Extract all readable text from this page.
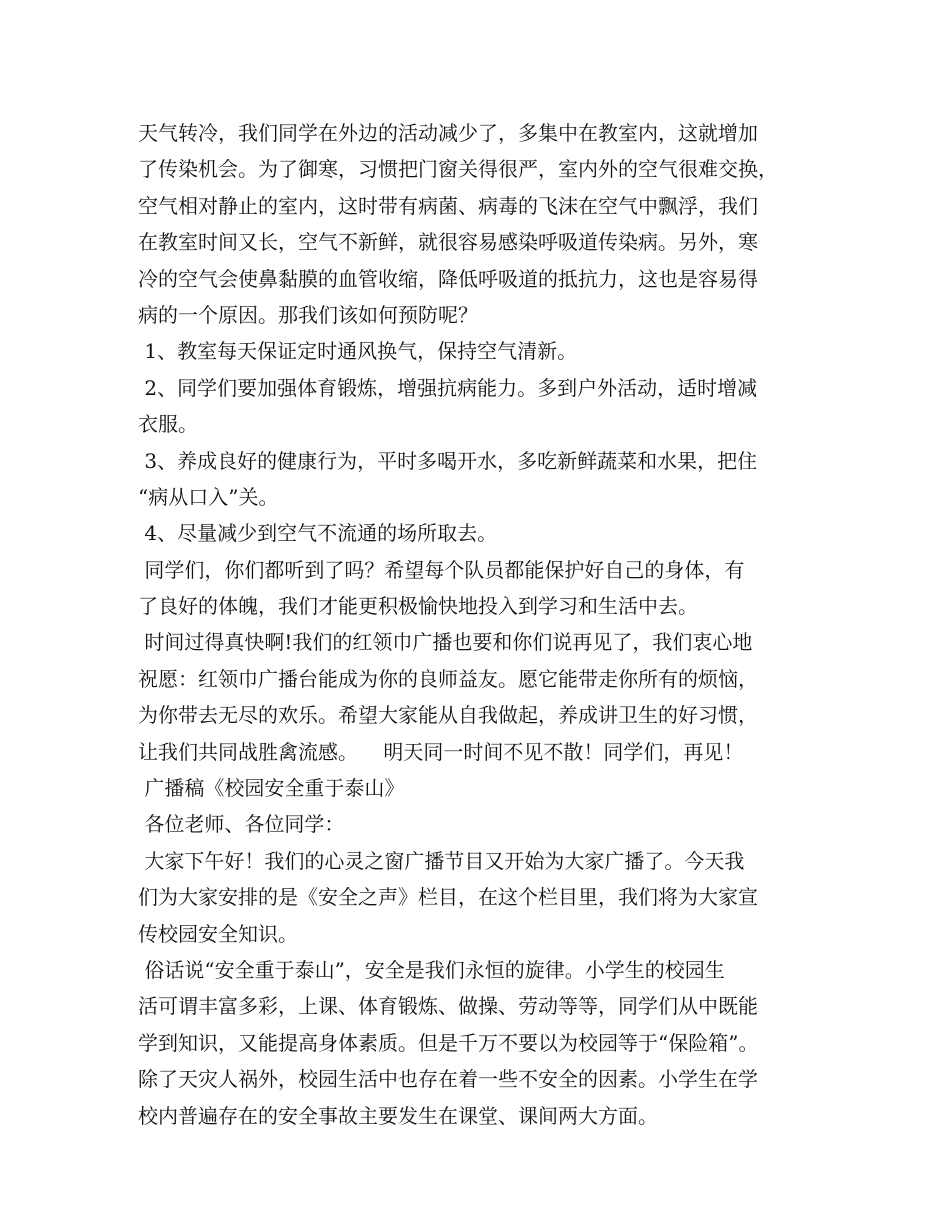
天气转冷，我们同学在外边的活动减少了，多集中在教室内，这就增加

了传染机会。为了御寒，习惯把门窗关得很严，室内外的空气很难交换，

空气相对静止的室内，这时带有病菌、病毒的飞沫在空气中飘浮，我们

在教室时间又长，空气不新鲜，就很容易感染呼吸道传染病。另外，寒

冷的空气会使鼻黏膜的血管收缩，降低呼吸道的抵抗力，这也是容易得

病的一个原因。那我们该如何预防呢？

1、教室每天保证定时通风换气，保持空气清新。

2、同学们要加强体育锻炼，增强抗病能力。多到户外活动，适时增减

衣服。

3、养成良好的健康行为，平时多喝开水，多吃新鲜蔬菜和水果，把住

“病从口入”关。

4、尽量减少到空气不流通的场所取去。

同学们，你们都听到了吗？希望每个队员都能保护好自己的身体，有

了良好的体魄，我们才能更积极愉快地投入到学习和生活中去。

时间过得真快啊!我们的红领巾广播也要和你们说再见了，我们衷心地

祝愿：红领巾广播台能成为你的良师益友。愿它能带走你所有的烦恼，

为你带去无尽的欢乐。希望大家能从自我做起，养成讲卫生的好习惯，

让我们共同战胜禽流感。    明天同一时间不见不散！同学们，再见！

广播稿《校园安全重于泰山》

各位老师、各位同学：

大家下午好！我们的心灵之窗广播节目又开始为大家广播了。今天我

们为大家安排的是《安全之声》栏目，在这个栏目里，我们将为大家宣

传校园安全知识。

俗话说“安全重于泰山”，安全是我们永恒的旋律。小学生的校园生

活可谓丰富多彩，上课、体育锻炼、做操、劳动等等，同学们从中既能

学到知识，又能提高身体素质。但是千万不要以为校园等于“保险箱”。

除了天灾人祸外，校园生活中也存在着一些不安全的因素。小学生在学

校内普遍存在的安全事故主要发生在课堂、课间两大方面。
